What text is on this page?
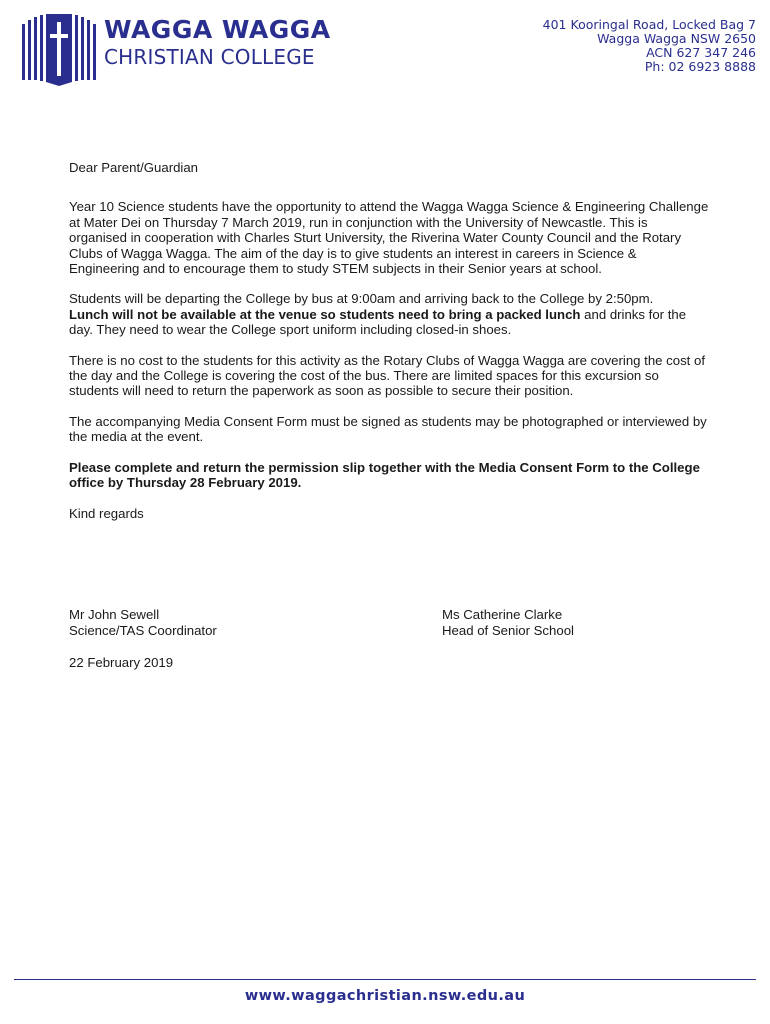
WAGGA WAGGA
CHRISTIAN COLLEGE
401 Kooringal Road, Locked Bag 7
Wagga Wagga NSW 2650
ACN 627 347 246
Ph: 02 6923 8888

Dear Parent/Guardian

Year 10 Science students have the opportunity to attend the Wagga Wagga Science & Engineering Challenge at Mater Dei on Thursday 7 March 2019, run in conjunction with the University of Newcastle. This is organised in cooperation with Charles Sturt University, the Riverina Water County Council and the Rotary Clubs of Wagga Wagga. The aim of the day is to give students an interest in careers in Science & Engineering and to encourage them to study STEM subjects in their Senior years at school.

Students will be departing the College by bus at 9:00am and arriving back to the College by 2:50pm.
Lunch will not be available at the venue so students need to bring a packed lunch and drinks for the day. They need to wear the College sport uniform including closed-in shoes.

There is no cost to the students for this activity as the Rotary Clubs of Wagga Wagga are covering the cost of the day and the College is covering the cost of the bus. There are limited spaces for this excursion so students will need to return the paperwork as soon as possible to secure their position.

The accompanying Media Consent Form must be signed as students may be photographed or interviewed by the media at the event.

Please complete and return the permission slip together with the Media Consent Form to the College office by Thursday 28 February 2019.

Kind regards

Mr John Sewell
Science/TAS Coordinator
Ms Catherine Clarke
Head of Senior School
22 February 2019
www.waggachristian.nsw.edu.au
